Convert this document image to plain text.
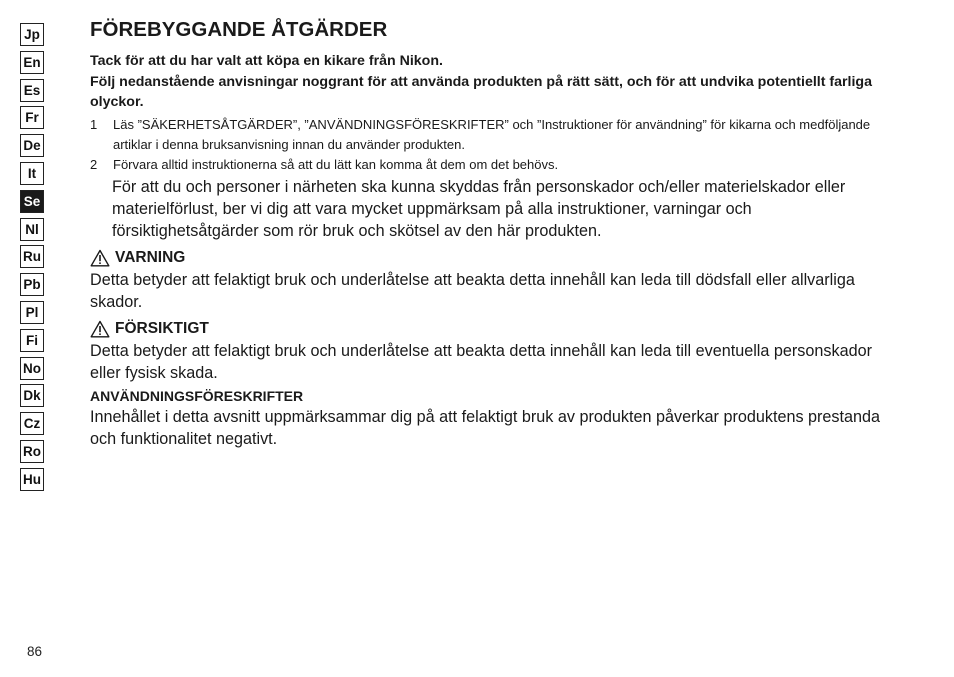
Jp
En
Es
Fr
De
It
Se
Nl
Ru
Pb
Pl
Fi
No
Dk
Cz
Ro
Hu
FÖREBYGGANDE ÅTGÄRDER

Tack för att du har valt att köpa en kikare från Nikon.

Följ nedanstående anvisningar noggrant för att använda produkten på rätt sätt, och för att undvika potentiellt farliga olyckor.

1	Läs ”SÄKERHETSÅTGÄRDER”, ”ANVÄNDNINGSFÖRESKRIFTER” och ”Instruktioner för användning” för kikarna och medföljande artiklar i denna bruksanvisning innan du använder produkten.
2	Förvara alltid instruktionerna så att du lätt kan komma åt dem om det behövs.

För att du och personer i närheten ska kunna skyddas från personskador och/eller materielskador eller materielförlust, ber vi dig att vara mycket uppmärksam på alla instruktioner, varningar och försiktighetsåtgärder som rör bruk och skötsel av den här produkten.

VARNING

Detta betyder att felaktigt bruk och underlåtelse att beakta detta innehåll kan leda till dödsfall eller allvarliga skador.

FÖRSIKTIGT

Detta betyder att felaktigt bruk och underlåtelse att beakta detta innehåll kan leda till eventuella personskador eller fysisk skada.

ANVÄNDNINGSFÖRESKRIFTER

Innehållet i detta avsnitt uppmärksammar dig på att felaktigt bruk av produkten påverkar produktens prestanda och funktionalitet negativt.

86
